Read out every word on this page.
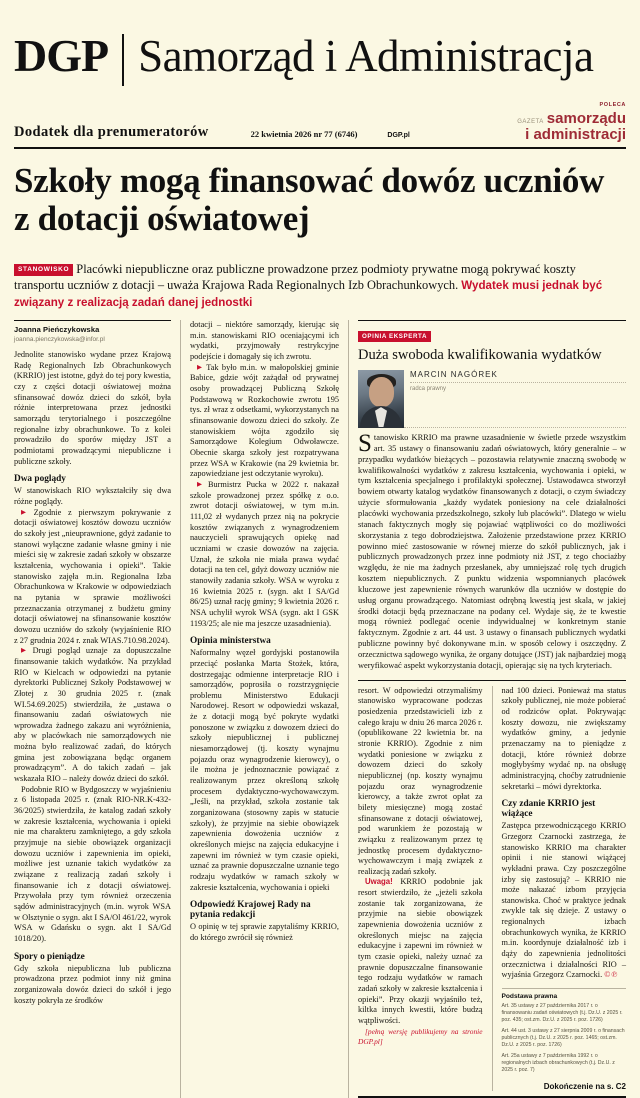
DGP Samorząd i Administracja
Dodatek dla prenumeratorów	22 kwietnia 2026 nr 77 (6746)	DGP.pl
POLECA
GAZETA samorządu
i administracji
Szkoły mogą finansować dowóz uczniów z dotacji oświatowej
STANOWISKO Placówki niepubliczne oraz publiczne prowadzone przez podmioty prywatne mogą pokrywać koszty transportu uczniów z dotacji – uważa Krajowa Rada Regionalnych Izb Obrachunkowych. Wydatek musi jednak być związany z realizacją zadań danej jednostki
Joanna Pieńczykowska
joanna.pienczykowska@infor.pl

Jednolite stanowisko wydane przez Krajową Radę Regionalnych Izb Obrachunkowych (KRRIO) jest istotne, gdyż do tej pory kwestia, czy z części dotacji oświatowej można sfinansować dowóz dzieci do szkół, była różnie interpretowana przez jednostki samorządu terytorialnego i poszczególne regionalne izby obrachunkowe. To z kolei prowadziło do sporów między JST a podmiotami prowadzącymi niepubliczne i publiczne szkoły.

Dwa poglądy

W stanowiskach RIO wykształciły się dwa różne poglądy.

▶ Zgodnie z pierwszym pokrywanie z dotacji oświatowej kosztów dowozu uczniów do szkoły jest „nieuprawnione, gdyż zadanie to stanowi wyłączne zadanie własne gminy i nie mieści się w zakresie zadań szkoły w obszarze kształcenia, wychowania i opieki”. Takie stanowisko zajęła m.in. Regionalna Izba Obrachunkowa w Krakowie w odpowiedziach na pytania w sprawie możliwości przeznaczania otrzymanej z budżetu gminy dotacji oświatowej na sfinansowanie kosztów dowozu uczniów do szkoły (wyjaśnienie RIO z 27 grudnia 2024 r. znak WIAS.710.98.2024).

▶ Drugi pogląd uznaje za dopuszczalne finansowanie takich wydatków. Na przykład RIO w Kielcach w odpowiedzi na pytanie dyrektorki Publicznej Szkoły Podstawowej w Złotej z 30 grudnia 2025 r. (znak WI.54.69.2025) stwierdziła, że „ustawa o finansowaniu zadań oświatowych nie wprowadza żadnego zakazu ani wyróżnienia, aby w placówkach nie samorządowych nie można było realizować zadań, do których gmina jest zobowiązana będąc organem prowadzącym”. A do takich zadań – jak wskazała RIO – należy dowóz dzieci do szkół.

Podobnie RIO w Bydgoszczy w wyjaśnieniu z 6 listopada 2025 r. (znak RIO-NR.K-432-36/2025) stwierdziła, że katalog zadań szkoły w zakresie kształcenia, wychowania i opieki nie ma charakteru zamkniętego, a gdy szkoła przyjmuje na siebie obowiązek organizacji dowozu uczniów i zapewnienia im opieki, możliwe jest uznanie takich wydatków za związane z realizacją zadań szkoły i finansowanie ich z dotacji oświatowej. Przywołała przy tym również orzeczenia sądów administracyjnych (m.in. wyrok WSA w Olsztynie o sygn. akt I SA/Ol 461/22, wyrok WSA w Gdańsku o sygn. akt I SA/Gd 1018/20).

Spory o pieniądze

Gdy szkoła niepubliczna lub publiczna prowadzona przez podmiot inny niż gmina zorganizowała dowóz dzieci do szkół i jego koszty pokryła ze środków

dotacji – niektóre samorządy, kierując się m.in. stanowiskami RIO oceniającymi ich wydatki, przyjmowały restrykcyjne podejście i domagały się ich zwrotu.

▶ Tak było m.in. w małopolskiej gminie Babice, gdzie wójt zażądał od prywatnej osoby prowadzącej Publiczną Szkołę Podstawową w Rozkochowie zwrotu 195 tys. zł wraz z odsetkami, wykorzystanych na sfinansowanie dowozu dzieci do szkoły. Ze stanowiskiem wójta zgodziło się Samorządowe Kolegium Odwoławcze. Obecnie skarga szkoły jest rozpatrywana przez WSA w Krakowie (na 29 kwietnia br. zapowiedziane jest odczytanie wyroku).

▶ Burmistrz Pucka w 2022 r. nakazał szkole prowadzonej przez spółkę z o.o. zwrot dotacji oświatowej, w tym m.in. 111,02 zł wydanych przez nią na pokrycie kosztów związanych z wynagrodzeniem nauczycieli sprawujących opiekę nad uczniami w czasie dowozów na zajęcia. Uznał, że szkoła nie miała prawa wydać dotacji na ten cel, gdyż dowozy uczniów nie stanowiły zadania szkoły. WSA w wyroku z 16 kwietnia 2025 r. (sygn. akt I SA/Gd 86/25) uznał rację gminy; 9 kwietnia 2026 r. NSA uchylił wyrok WSA (sygn. akt I GSK 1193/25; ale nie ma jeszcze uzasadnienia).

Opinia ministerstwa

Naformalny węzeł gordyjski postanowiła przeciąć posłanka Marta Stożek, która, dostrzegając odmienne interpretacje RIO i samorządów, poprosiła o rozstrzygnięcie problemu Ministerstwo Edukacji Narodowej. Resort w odpowiedzi wskazał, że z dotacji mogą być pokryte wydatki ponoszone w związku z dowozem dzieci do szkoły niepublicznej i publicznej niesamorządowej (tj. koszty wynajmu pojazdu oraz wynagrodzenie kierowcy), o ile można je jednoznacznie powiązać z realizowanym przez określoną szkołę procesem dydaktyczno-wychowawczym. „Jeśli, na przykład, szkoła zostanie tak zorganizowana (stosowny zapis w statucie szkoły), że przyjmie na siebie obowiązek zapewnienia dowożenia uczniów z określonych miejsc na zajęcia edukacyjne i zapewni im również w tym czasie opieki, uznać za prawnie dopuszczalne uznanie tego rodzaju wydatków w ramach szkoły w zakresie kształcenia, wychowania i opieki

Odpowiedź Krajowej Rady na pytania redakcji

O opinię w tej sprawie zapytaliśmy KRRIO, do którego zwrócił się również

OPINIA EKSPERTA
Duża swoboda kwalifikowania wydatków
MARCIN NAGÓREK
radca prawny

Stanowisko KRRIO ma prawne uzasadnienie w świetle przede wszystkim art. 35 ustawy o finansowaniu zadań oświatowych, który generalnie – w przypadku wydatków bieżących – pozostawia relatywnie znaczną swobodę w kwalifikowalności wydatków z zakresu kształcenia, wychowania i opieki, w tym kształcenia specjalnego i profilaktyki społecznej. Ustawodawca stworzył bowiem otwarty katalog wydatków finansowanych z dotacji, o czym świadczy użycie sformułowania „każdy wydatek poniesiony na cele działalności placówki wychowania przedszkolnego, szkoły lub placówki”. Dlatego w wielu stanach faktycznych mogły się pojawiać wątpliwości co do możliwości skorzystania z tego dobrodziejstwa. Założenie przedstawione przez KRRIO powinno mieć zastosowanie w równej mierze do szkół publicznych, jak i publicznych prowadzonych przez inne podmioty niż JST, z tego chociażby względu, że nie ma żadnych przesłanek, aby umniejszać rolę tych drugich kosztem niepublicznych. Z punktu widzenia wspomnianych placówek kluczowe jest zapewnienie równych warunków dla uczniów w dostępie do usług organu prowadzącego. Natomiast odrębną kwestią jest skala, w jakiej środki dotacji będą przeznaczane na podany cel. Wydaje się, że te kwestie mogą również podlegać ocenie indywidualnej w konkretnym stanie faktycznym. Zgodnie z art. 44 ust. 3 ustawy o finansach publicznych wydatki publiczne powinny być dokonywane m.in. w sposób celowy i oszczędny. Z orzecznictwa sądowego wynika, że organy dotujące (JST) jak najbardziej mogą weryfikować aspekt wykorzystania dotacji, opierając się na tych kryteriach.

resort. W odpowiedzi otrzymaliśmy stanowisko wypracowane podczas posiedzenia przedstawicieli izb z całego kraju w dniu 26 marca 2026 r. (opublikowane 22 kwietnia br. na stronie KRRIO). Zgodnie z nim wydatki poniesione w związku z dowozem dzieci do szkoły niepublicznej (np. koszty wynajmu pojazdu oraz wynagrodzenie kierowcy, a także zwrot opłat za bilety miesięczne) mogą zostać sfinansowane z dotacji oświatowej, pod warunkiem że pozostają w związku z realizowanym przez tę jednostkę procesem dydaktyczno-wychowawczym i mają związek z realizacją zadań szkoły.

Uwaga! KRRIO podobnie jak resort stwierdziło, że „jeżeli szkoła zostanie tak zorganizowana, że przyjmie na siebie obowiązek zapewnienia dowożenia uczniów z określonych miejsc na zajęcia edukacyjne i zapewni im również w tym czasie opieki, należy uznać za prawnie dopuszczalne finansowanie tego rodzaju wydatków w ramach zadań szkoły w zakresie kształcenia i opieki”. Przy okazji wyjaśniło też, kiltka innych kwestii, które budzą wątpliwości.

[pełną wersję publikujemy na stronie DGP.pl]

nad 100 dzieci. Ponieważ ma status szkoły publicznej, nie może pobierać od rodziców opłat. Pokrywając koszty dowozu, nie zwiększamy wydatków gminy, a jedynie przenaczamy na to pieniądze z dotacji, które również dobrze mogłybyśmy wydać np. na obsługę administracyjną, choćby zatrudnienie sekretarki – mówi dyrektorka.

Czy zdanie KRRIO jest wiążące

Zastępca przewodniczącego KRRIO Grzegorz Czarnocki zastrzega, że stanowisko KRRIO ma charakter opinii i nie stanowi wiążącej wykładni prawa. Czy poszczególne izby się zastosują? – KRRIO nie może nakazać izbom przyjęcia stanowiska. Choć w praktyce jednak zwykle tak się dzieje. Z ustawy o regionalnych izbach obrachunkowych wynika, że KRRIO m.in. koordynuje działalność izb i dąży do zapewnienia jednolitości orzecznictwa i działalności RIO – wyjaśnia Grzegorz Czarnocki. ©℗

Podstawa prawna
Art. 35 ustawy z 27 października 2017 r. o finansowaniu zadań oświatowych (t.j. Dz.U. z 2025 r. poz. 435; ost.zm. Dz.U. z 2025 r. poz. 1726)
Art. 44 ust. 3 ustawy z 27 sierpnia 2009 r. o finansach publicznych (t.j. Dz.U. z 2025 r. poz. 1465; ost.zm. Dz.U. z 2025 r. poz. 1726)
Art. 25a ustawy z 7 października 1992 r. o regionalnych izbach obrachunkowych (t.j. Dz.U. z 2025 r. poz. 7)
Dokończenie na s. C2
